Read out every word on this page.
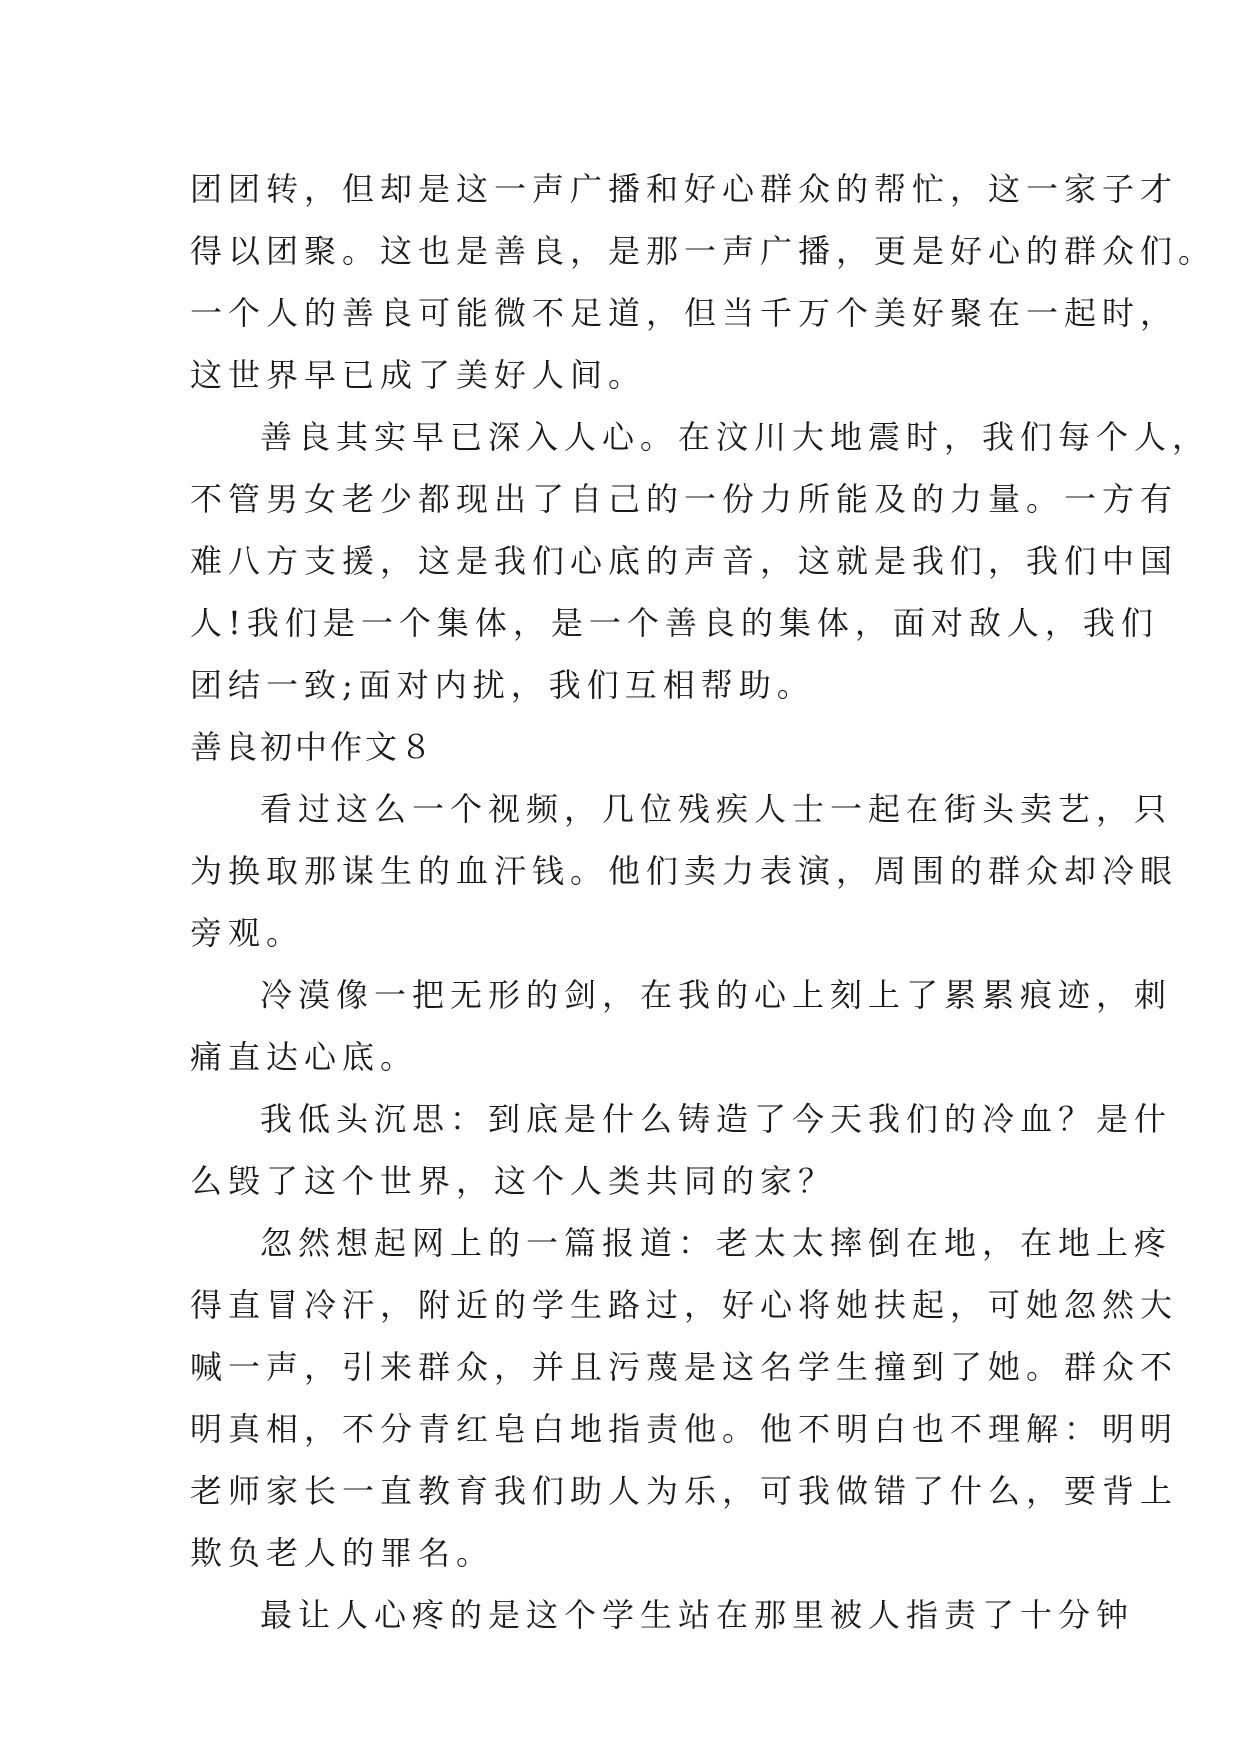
团团转，但却是这一声广播和好心群众的帮忙，这一家子才
得以团聚。这也是善良，是那一声广播，更是好心的群众们。
一个人的善良可能微不足道，但当千万个美好聚在一起时，
这世界早已成了美好人间。
善良其实早已深入人心。在汶川大地震时，我们每个人，
不管男女老少都现出了自己的一份力所能及的力量。一方有
难八方支援，这是我们心底的声音，这就是我们，我们中国
人!我们是一个集体，是一个善良的集体，面对敌人，我们
团结一致;面对内扰，我们互相帮助。
善良初中作文８
看过这么一个视频，几位残疾人士一起在街头卖艺，只
为换取那谋生的血汗钱。他们卖力表演，周围的群众却冷眼
旁观。
冷漠像一把无形的剑，在我的心上刻上了累累痕迹，刺
痛直达心底。
我低头沉思：到底是什么铸造了今天我们的冷血？是什
么毁了这个世界，这个人类共同的家？
忽然想起网上的一篇报道：老太太摔倒在地，在地上疼
得直冒冷汗，附近的学生路过，好心将她扶起，可她忽然大
喊一声，引来群众，并且污蔑是这名学生撞到了她。群众不
明真相，不分青红皂白地指责他。他不明白也不理解：明明
老师家长一直教育我们助人为乐，可我做错了什么，要背上
欺负老人的罪名。
最让人心疼的是这个学生站在那里被人指责了十分钟
